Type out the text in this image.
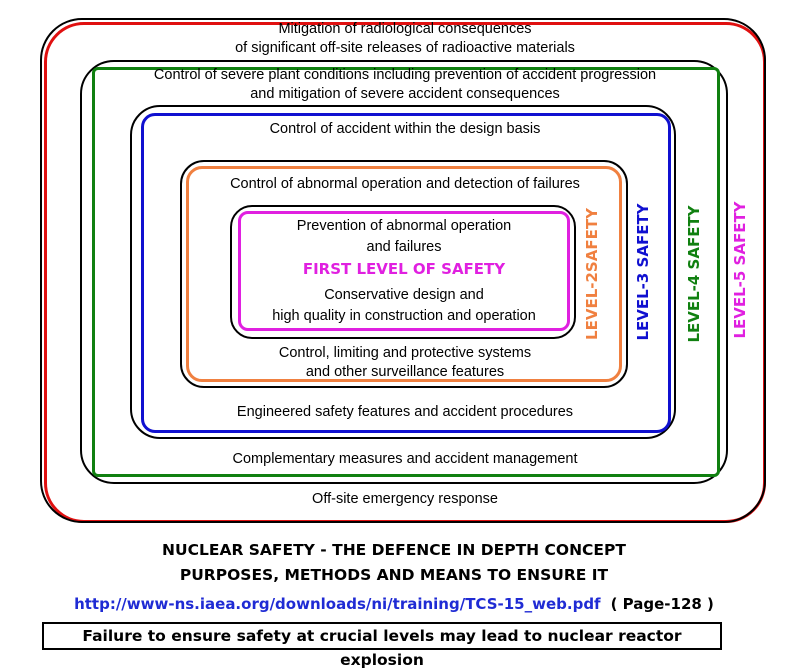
Mitigation of radiological consequences
of significant off-site releases of radioactive materials
Off-site emergency response
Control of severe plant conditions including prevention of accident progression
and mitigation of severe accident consequences
Complementary measures and accident management
Control of accident within the design basis
Engineered safety features and accident procedures
Control of abnormal operation and detection of failures
Control, limiting and protective systems
and other surveillance features
Prevention of abnormal operation
and failures
FIRST LEVEL OF SAFETY
Conservative design and
high quality in construction and operation	LEVEL-2SAFETY LEVEL-3 SAFETY LEVEL-4 SAFETY LEVEL-5 SAFETY
NUCLEAR SAFETY - THE DEFENCE IN DEPTH CONCEPT
PURPOSES, METHODS AND MEANS TO ENSURE IT
http://www-ns.iaea.org/downloads/ni/training/TCS-15_web.pdf ( Page-128 )
Failure to ensure safety at crucial levels may lead to nuclear reactor explosion
